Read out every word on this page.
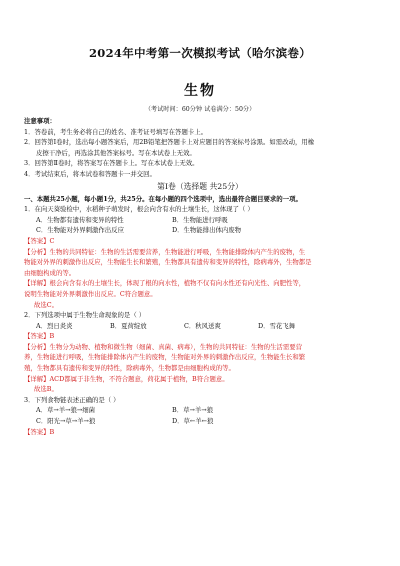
2024年中考第一次模拟考试（哈尔滨卷）
生物
（考试时间：60分钟 试卷满分：50分）
注意事项：
1．答卷前，考生务必将自己的姓名、准考证号填写在答题卡上。
2．回答第Ⅰ卷时，选出每小题答案后，用2B铅笔把答题卡上对应题目的答案标号涂黑。如需改动，用橡
皮擦干净后，再选涂其他答案标号。写在本试卷上无效。
3．回答第Ⅱ卷时，将答案写在答题卡上。写在本试卷上无效。
4．考试结束后，将本试卷和答题卡一并交回。
第Ⅰ卷（选择题 共25分）
一、本题共25小题，每小题1分，共25分。在每小题的四个选项中，选出最符合题目要求的一项。
1．在向天葵验检中，水稻种子萌发时，根会向含有水的土壤生长，这体现了（ ）
A．生物都有遗传和变异的特性	B．生物能进行呼吸
C．生物能对外界刺激作出反应	D．生物能排出体内废物
【答案】C
【分析】生物的共同特征：生物的生活需要营养，生物能进行呼吸，生物能排除体内产生的废物，生
物能对外界的刺激作出反应，生物能生长和繁殖，生物都具有遗传和变异的特性，除病毒外，生物都是
由细胞构成的等。
【详解】根会向含有水的土壤生长，体现了根的向水性，植物不仅有向水性还有向光性、向肥性等，
说明生物能对外界刺激作出反应。C符合题意。
故选C。
2．下列选项中属于生物生命现象的是（ ）
A．烈日炎炎	B．夏荷绽放	C．秋风送爽	D．雪花飞舞
【答案】B
【分析】生物分为动物、植物和微生物（细菌、真菌、病毒），生物的共同特征：生物的生活需要营
养，生物能进行呼吸，生物能排除体内产生的废物，生物能对外界的刺激作出反应，生物能生长和繁
殖，生物都具有遗传和变异的特性，除病毒外，生物都是由细胞构成的等。
【详解】ACD都属于非生物，不符合题意，荷花属于植物，B符合题意。
故选B。
3．下列食物链表述正确的是（ ）
A．草→羊→狼→细菌	B．草→羊→狼
C．阳光→草→羊→狼	D．草←羊←狼
【答案】B
